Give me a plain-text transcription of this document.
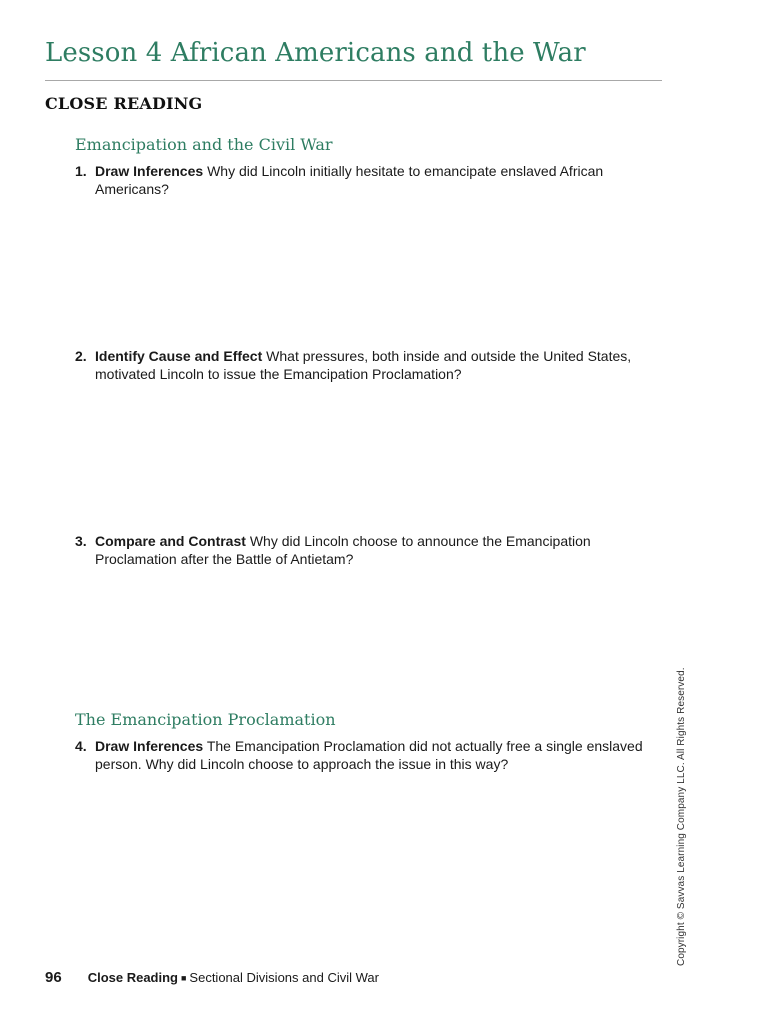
Lesson 4 African Americans and the War
CLOSE READING
Emancipation and the Civil War
1. Draw Inferences Why did Lincoln initially hesitate to emancipate enslaved African Americans?
2. Identify Cause and Effect What pressures, both inside and outside the United States, motivated Lincoln to issue the Emancipation Proclamation?
3. Compare and Contrast Why did Lincoln choose to announce the Emancipation Proclamation after the Battle of Antietam?
The Emancipation Proclamation
4. Draw Inferences The Emancipation Proclamation did not actually free a single enslaved person. Why did Lincoln choose to approach the issue in this way?
96 Close Reading ■ Sectional Divisions and Civil War
Copyright © Savvas Learning Company LLC. All Rights Reserved.
